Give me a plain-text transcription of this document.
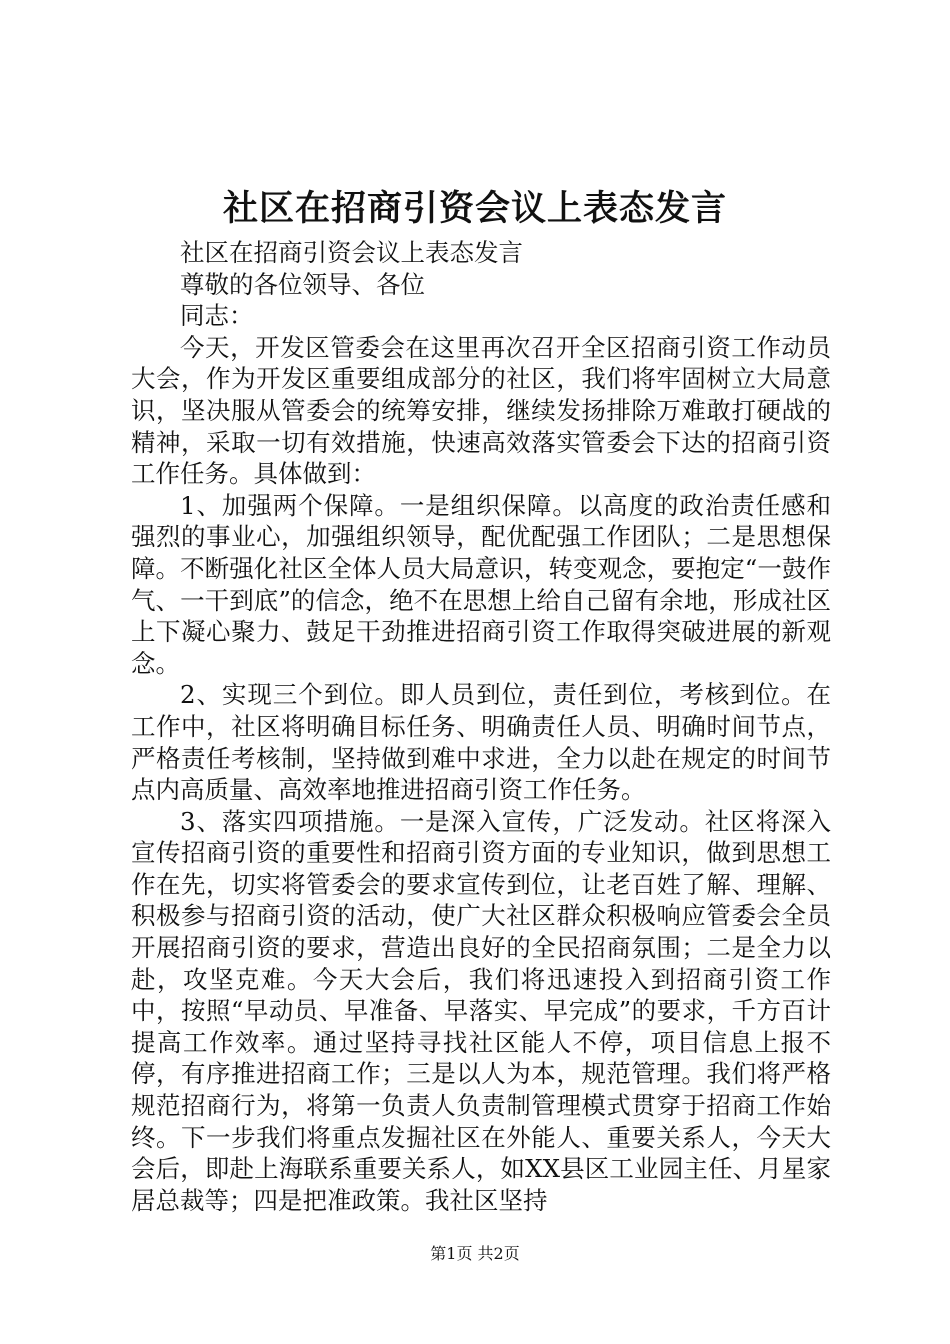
社区在招商引资会议上表态发言

社区在招商引资会议上表态发言

尊敬的各位领导、各位

同志：

今天，开发区管委会在这里再次召开全区招商引资工作动员大会，作为开发区重要组成部分的社区，我们将牢固树立大局意识，坚决服从管委会的统筹安排，继续发扬排除万难敢打硬战的精神，采取一切有效措施，快速高效落实管委会下达的招商引资工作任务。具体做到：

1、加强两个保障。一是组织保障。以高度的政治责任感和强烈的事业心，加强组织领导，配优配强工作团队；二是思想保障。不断强化社区全体人员大局意识，转变观念，要抱定“一鼓作气、一干到底”的信念，绝不在思想上给自己留有余地，形成社区上下凝心聚力、鼓足干劲推进招商引资工作取得突破进展的新观念。

2、实现三个到位。即人员到位，责任到位，考核到位。在工作中，社区将明确目标任务、明确责任人员、明确时间节点，严格责任考核制，坚持做到难中求进，全力以赴在规定的时间节点内高质量、高效率地推进招商引资工作任务。

3、落实四项措施。一是深入宣传，广泛发动。社区将深入宣传招商引资的重要性和招商引资方面的专业知识，做到思想工作在先，切实将管委会的要求宣传到位，让老百姓了解、理解、积极参与招商引资的活动，使广大社区群众积极响应管委会全员开展招商引资的要求，营造出良好的全民招商氛围；二是全力以赴，攻坚克难。今天大会后，我们将迅速投入到招商引资工作中，按照“早动员、早准备、早落实、早完成”的要求，千方百计提高工作效率。通过坚持寻找社区能人不停，项目信息上报不停，有序推进招商工作；三是以人为本，规范管理。我们将严格规范招商行为，将第一负责人负责制管理模式贯穿于招商工作始终。下一步我们将重点发掘社区在外能人、重要关系人，今天大会后，即赴上海联系重要关系人，如XX县区工业园主任、月星家居总裁等；四是把准政策。我社区坚持

第1页 共2页
